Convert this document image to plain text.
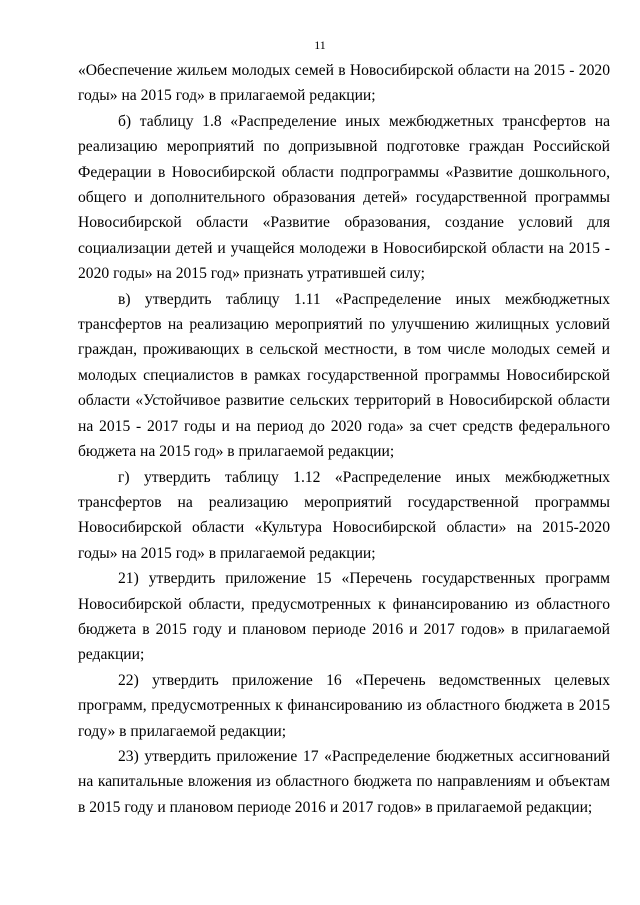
11

«Обеспечение жильем молодых семей в Новосибирской области на 2015 - 2020 годы» на 2015 год» в прилагаемой редакции;

б) таблицу 1.8 «Распределение иных межбюджетных трансфертов на реализацию мероприятий по допризывной подготовке граждан Российской Федерации в Новосибирской области подпрограммы «Развитие дошкольного, общего и дополнительного образования детей» государственной программы Новосибирской области «Развитие образования, создание условий для социализации детей и учащейся молодежи в Новосибирской области на 2015 - 2020 годы» на 2015 год» признать утратившей силу;

в) утвердить таблицу 1.11 «Распределение иных межбюджетных трансфертов на реализацию мероприятий по улучшению жилищных условий граждан, проживающих в сельской местности, в том числе молодых семей и молодых специалистов в рамках государственной программы Новосибирской области «Устойчивое развитие сельских территорий в Новосибирской области на 2015 - 2017 годы и на период до 2020 года» за счет средств федерального бюджета на 2015 год» в прилагаемой редакции;

г) утвердить таблицу 1.12 «Распределение иных межбюджетных трансфертов на реализацию мероприятий государственной программы Новосибирской области «Культура Новосибирской области» на 2015-2020 годы» на 2015 год» в прилагаемой редакции;

21) утвердить приложение 15 «Перечень государственных программ Новосибирской области, предусмотренных к финансированию из областного бюджета в 2015 году и плановом периоде 2016 и 2017 годов» в прилагаемой редакции;

22) утвердить приложение 16 «Перечень ведомственных целевых программ, предусмотренных к финансированию из областного бюджета в 2015 году» в прилагаемой редакции;

23) утвердить приложение 17 «Распределение бюджетных ассигнований на капитальные вложения из областного бюджета по направлениям и объектам в 2015 году и плановом периоде 2016 и 2017 годов» в прилагаемой редакции;
